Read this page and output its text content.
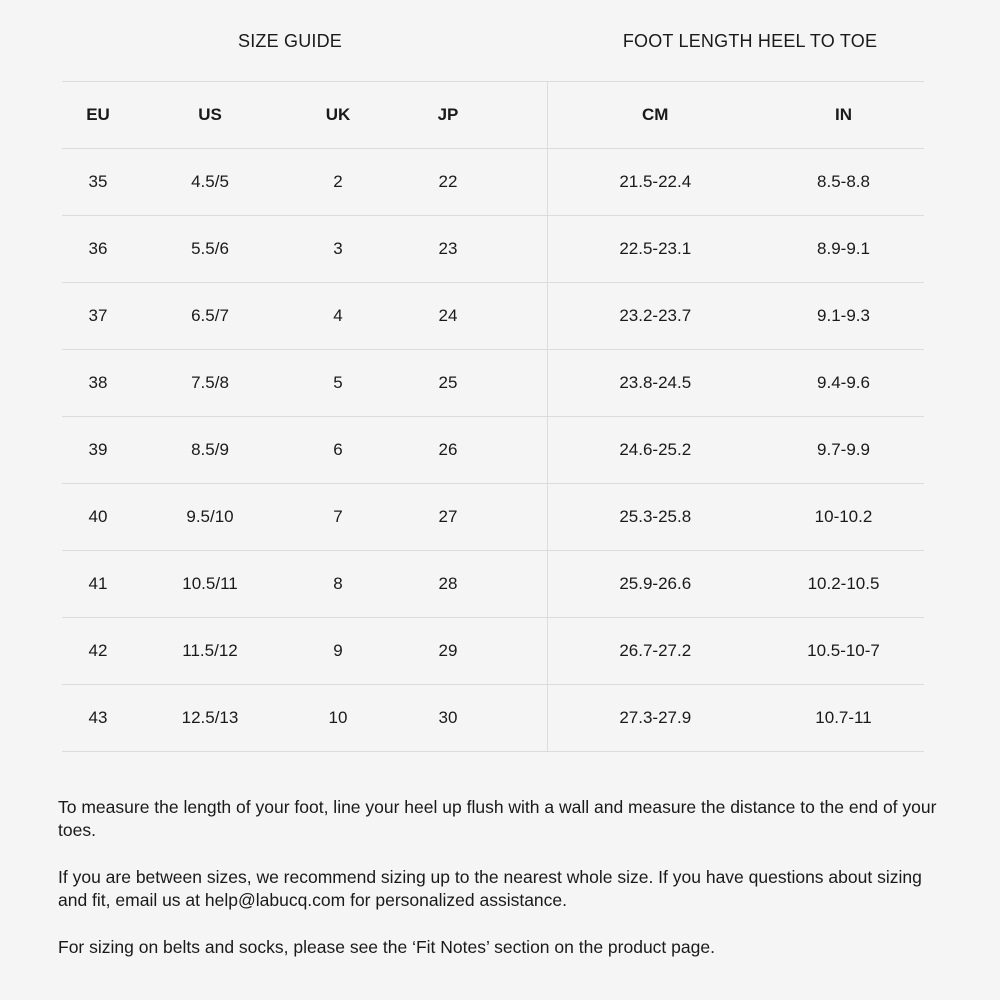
SIZE GUIDE	FOOT LENGTH HEEL TO TOE
EU	US	UK	JP		CM	IN
35	4.5/5	2	22		21.5-22.4	8.5-8.8
36	5.5/6	3	23		22.5-23.1	8.9-9.1
37	6.5/7	4	24		23.2-23.7	9.1-9.3
38	7.5/8	5	25		23.8-24.5	9.4-9.6
39	8.5/9	6	26		24.6-25.2	9.7-9.9
40	9.5/10	7	27		25.3-25.8	10-10.2
41	10.5/11	8	28		25.9-26.6	10.2-10.5
42	11.5/12	9	29		26.7-27.2	10.5-10-7
43	12.5/13	10	30		27.3-27.9	10.7-11

To measure the length of your foot, line your heel up flush with a wall and measure the distance to the end of your toes.

If you are between sizes, we recommend sizing up to the nearest whole size. If you have questions about sizing and fit, email us at help@labucq.com for personalized assistance.

For sizing on belts and socks, please see the ‘Fit Notes’ section on the product page.
